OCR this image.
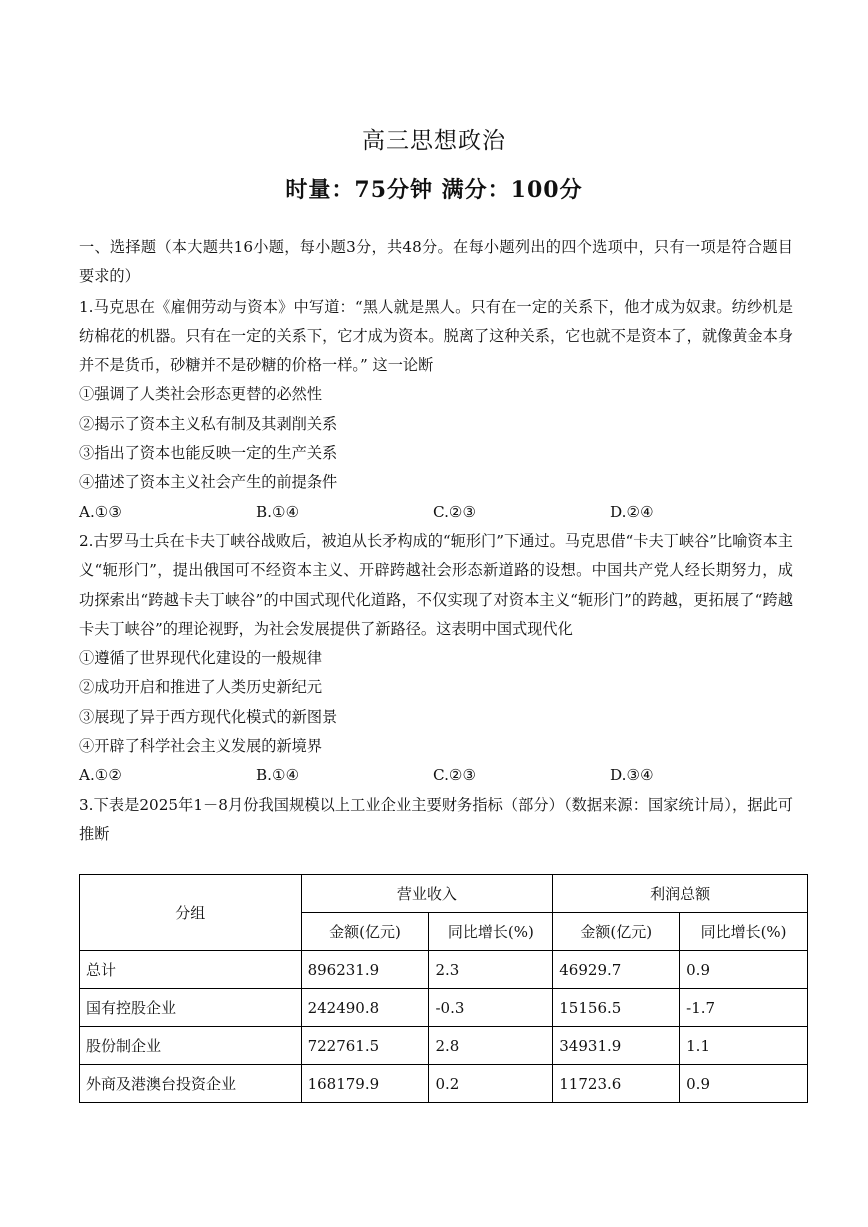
高三思想政治
时量：75分钟 满分：100分

一、选择题（本大题共16小题，每小题3分，共48分。在每小题列出的四个选项中，只有一项是符合题目要求的）

1.马克思在《雇佣劳动与资本》中写道：“黑人就是黑人。只有在一定的关系下，他才成为奴隶。纺纱机是纺棉花的机器。只有在一定的关系下，它才成为资本。脱离了这种关系，它也就不是资本了，就像黄金本身并不是货币，砂糖并不是砂糖的价格一样。” 这一论断

①强调了人类社会形态更替的必然性

②揭示了资本主义私有制及其剥削关系

③指出了资本也能反映一定的生产关系

④描述了资本主义社会产生的前提条件

A.①③	B.①④	C.②③	D.②④

2.古罗马士兵在卡夫丁峡谷战败后，被迫从长矛构成的“轭形门”下通过。马克思借“卡夫丁峡谷”比喻资本主义“轭形门”，提出俄国可不经资本主义、开辟跨越社会形态新道路的设想。中国共产党人经长期努力，成功探索出“跨越卡夫丁峡谷”的中国式现代化道路，不仅实现了对资本主义“轭形门”的跨越，更拓展了“跨越卡夫丁峡谷”的理论视野，为社会发展提供了新路径。这表明中国式现代化

①遵循了世界现代化建设的一般规律

②成功开启和推进了人类历史新纪元

③展现了异于西方现代化模式的新图景

④开辟了科学社会主义发展的新境界

A.①②	B.①④	C.②③	D.③④

3.下表是2025年1－8月份我国规模以上工业企业主要财务指标（部分）（数据来源：国家统计局），据此可推断

分组	营业收入		利润总额	
	金额(亿元)	同比增长(%)	金额(亿元)	同比增长(%)
总计	896231.9	2.3	46929.7	0.9
国有控股企业	242490.8	-0.3	15156.5	-1.7
股份制企业	722761.5	2.8	34931.9	1.1
外商及港澳台投资企业	168179.9	0.2	11723.6	0.9
